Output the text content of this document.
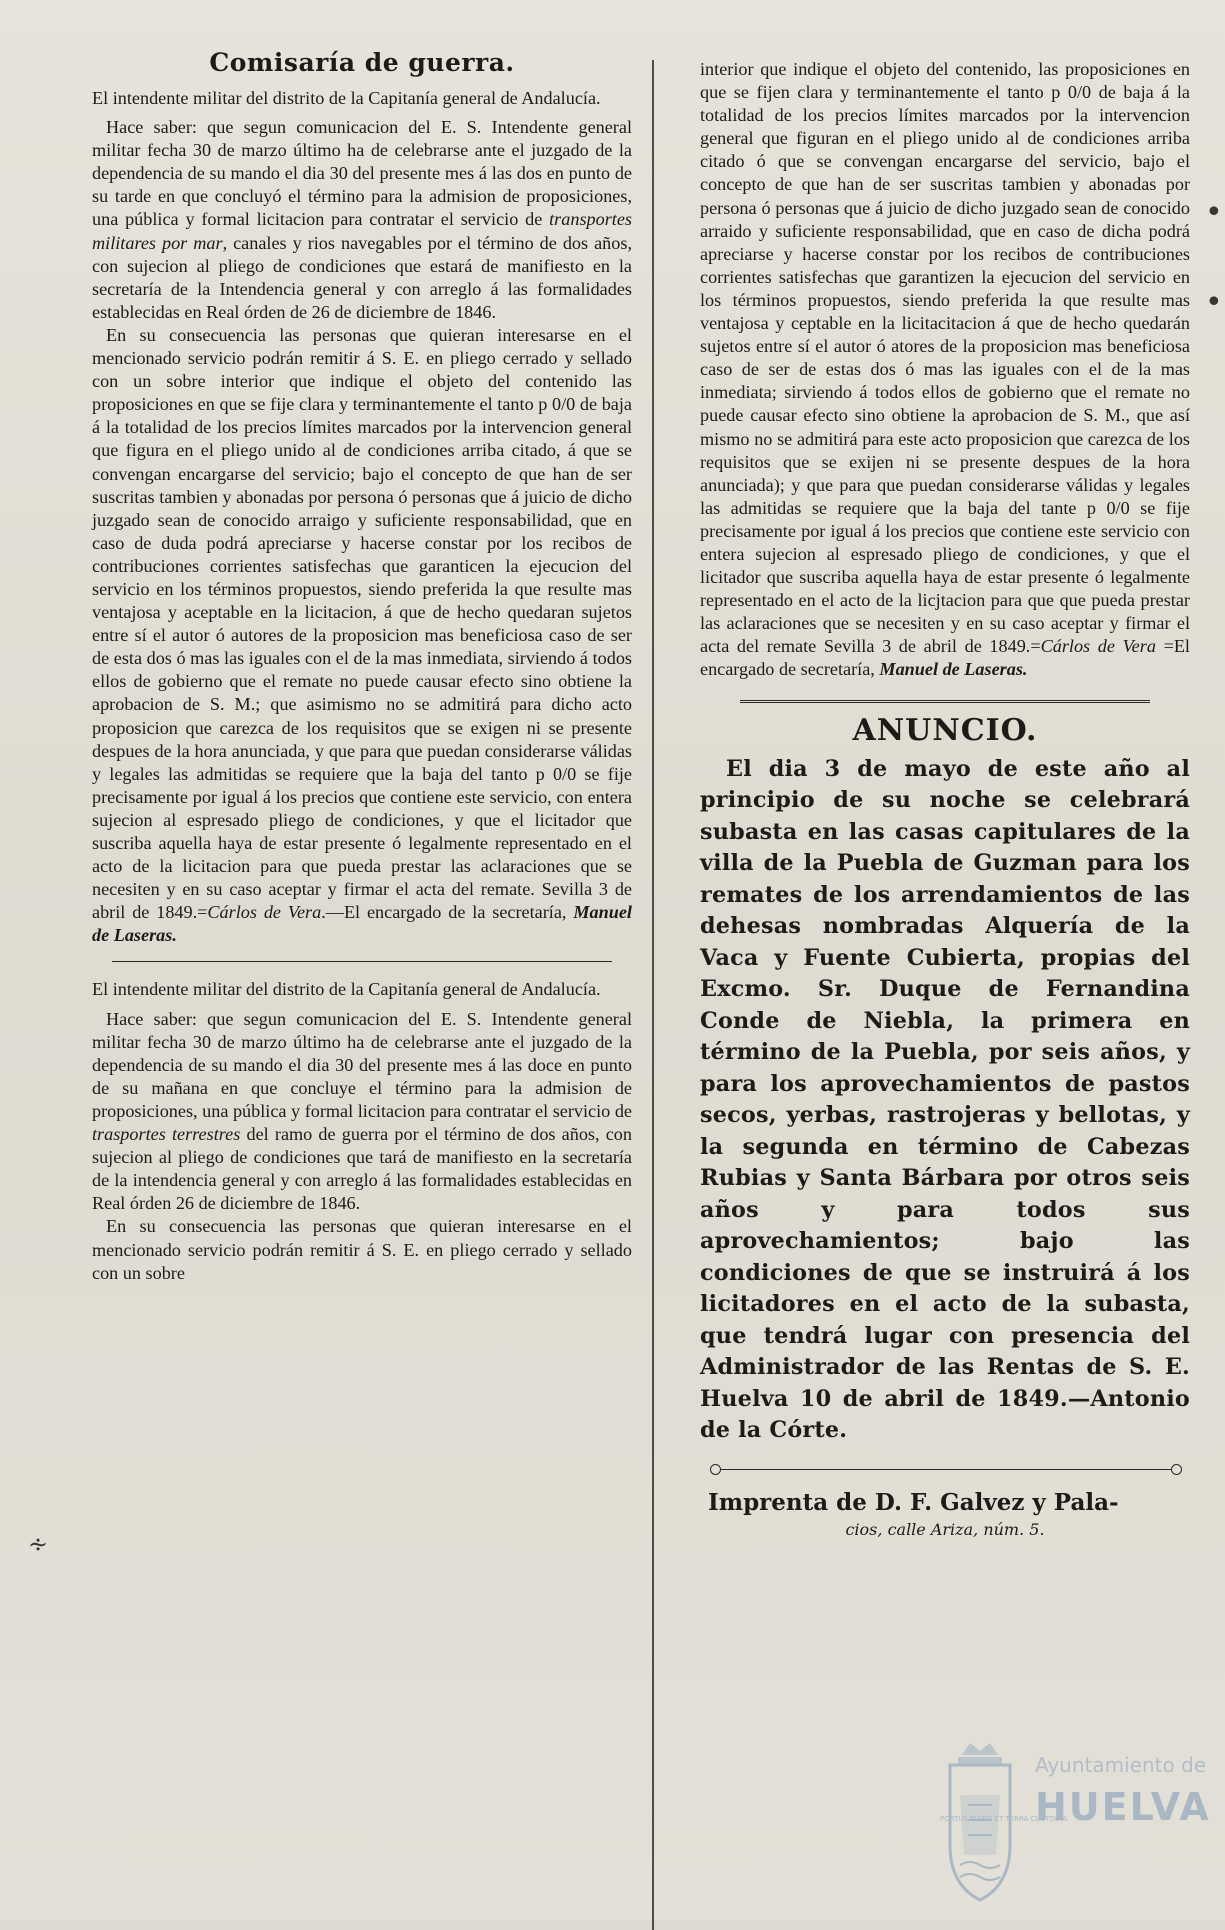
•
•
∻
Comisaría de guerra.

El intendente militar del distrito de la Capitanía general de Andalucía.

Hace saber: que segun comunicacion del E. S. Intendente general militar fecha 30 de marzo último ha de celebrarse ante el juzgado de la dependencia de su mando el dia 30 del presente mes á las dos en punto de su tarde en que concluyó el término para la admision de proposiciones, una pública y formal licitacion para contratar el servicio de transportes militares por mar, canales y rios navegables por el término de dos años, con sujecion al pliego de condiciones que estará de manifiesto en la secretaría de la Intendencia general y con arreglo á las formalidades establecidas en Real órden de 26 de diciembre de 1846.

En su consecuencia las personas que quieran interesarse en el mencionado servicio podrán remitir á S. E. en pliego cerrado y sellado con un sobre interior que indique el objeto del contenido las proposiciones en que se fije clara y terminantemente el tanto p 0/0 de baja á la totalidad de los precios límites marcados por la intervencion general que figura en el pliego unido al de condiciones arriba citado, á que se convengan encargarse del servicio; bajo el concepto de que han de ser suscritas tambien y abonadas por persona ó personas que á juicio de dicho juzgado sean de conocido arraigo y suficiente responsabilidad, que en caso de duda podrá apreciarse y hacerse constar por los recibos de contribuciones corrientes satisfechas que garanticen la ejecucion del servicio en los términos propuestos, siendo preferida la que resulte mas ventajosa y aceptable en la licitacion, á que de hecho quedaran sujetos entre sí el autor ó autores de la proposicion mas beneficiosa caso de ser de esta dos ó mas las iguales con el de la mas inmediata, sirviendo á todos ellos de gobierno que el remate no puede causar efecto sino obtiene la aprobacion de S. M.; que asimismo no se admitirá para dicho acto proposicion que carezca de los requisitos que se exigen ni se presente despues de la hora anunciada, y que para que puedan considerarse válidas y legales las admitidas se requiere que la baja del tanto p 0/0 se fije precisamente por igual á los precios que contiene este servicio, con entera sujecion al espresado pliego de condiciones, y que el licitador que suscriba aquella haya de estar presente ó legalmente representado en el acto de la licitacion para que pueda prestar las aclaraciones que se necesiten y en su caso aceptar y firmar el acta del remate. Sevilla 3 de abril de 1849.=Cárlos de Vera.—El encargado de la secretaría, Manuel de Laseras.

El intendente militar del distrito de la Capitanía general de Andalucía.

Hace saber: que segun comunicacion del E. S. Intendente general militar fecha 30 de marzo último ha de celebrarse ante el juzgado de la dependencia de su mando el dia 30 del presente mes á las doce en punto de su mañana en que concluye el término para la admision de proposiciones, una pública y formal licitacion para contratar el servicio de trasportes terrestres del ramo de guerra por el término de dos años, con sujecion al pliego de condiciones que tará de manifiesto en la secretaría de la intendencia general y con arreglo á las formalidades establecidas en Real órden 26 de diciembre de 1846.

En su consecuencia las personas que quieran interesarse en el mencionado servicio podrán remitir á S. E. en pliego cerrado y sellado con un sobre

interior que indique el objeto del contenido, las proposiciones en que se fijen clara y terminantemente el tanto p 0/0 de baja á la totalidad de los precios límites marcados por la intervencion general que figuran en el pliego unido al de condiciones arriba citado ó que se convengan encargarse del servicio, bajo el concepto de que han de ser suscritas tambien y abonadas por persona ó personas que á juicio de dicho juzgado sean de conocido arraido y suficiente responsabilidad, que en caso de dicha podrá apreciarse y hacerse constar por los recibos de contribuciones corrientes satisfechas que garantizen la ejecucion del servicio en los términos propuestos, siendo preferida la que resulte mas ventajosa y ceptable en la licitacitacion á que de hecho quedarán sujetos entre sí el autor ó atores de la proposicion mas beneficiosa caso de ser de estas dos ó mas las iguales con el de la mas inmediata; sirviendo á todos ellos de gobierno que el remate no puede causar efecto sino obtiene la aprobacion de S. M., que así mismo no se admitirá para este acto proposicion que carezca de los requisitos que se exijen ni se presente despues de la hora anunciada); y que para que puedan considerarse válidas y legales las admitidas se requiere que la baja del tante p 0/0 se fije precisamente por igual á los precios que contiene este servicio con entera sujecion al espresado pliego de condiciones, y que el licitador que suscriba aquella haya de estar presente ó legalmente representado en el acto de la licjtacion para que que pueda prestar las aclaraciones que se necesiten y en su caso aceptar y firmar el acta del remate Sevilla 3 de abril de 1849.=Cárlos de Vera =El encargado de secretaría, Manuel de Laseras.

ANUNCIO.

El dia 3 de mayo de este año al principio de su noche se celebrará subasta en las casas capitulares de la villa de la Puebla de Guzman para los remates de los arrendamientos de las dehesas nombradas Alquería de la Vaca y Fuente Cubierta, propias del Excmo. Sr. Duque de Fernandina Conde de Niebla, la primera en término de la Puebla, por seis años, y para los aprovechamientos de pastos secos, yerbas, rastrojeras y bellotas, y la segunda en término de Cabezas Rubias y Santa Bárbara por otros seis años y para todos sus aprovechamientos; bajo las condiciones de que se instruirá á los licitadores en el acto de la subasta, que tendrá lugar con presencia del Administrador de las Rentas de S. E. Huelva 10 de abril de 1849.—Antonio de la Córte.

Imprenta de D. F. Galvez y Pala-
cios, calle Ariza, núm. 5.
PORTUS MARIS ET TERRA CUSTODIA
Ayuntamiento de
HUELVA
